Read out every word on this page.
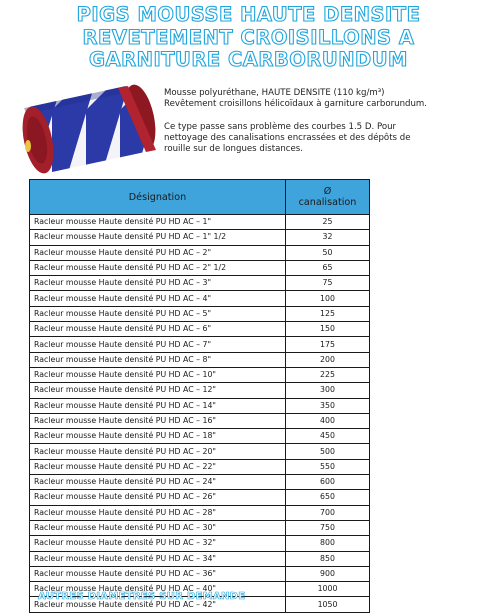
PIGS MOUSSE HAUTE DENSITE
REVETEMENT CROISILLONS A
GARNITURE CARBORUNDUM

Mousse polyuréthane, HAUTE DENSITE (110 kg/m³)
Revêtement croisillons hélicoïdaux à garniture carborundum.

Ce type passe sans problème des courbes 1.5 D. Pour
nettoyage des canalisations encrassées et des dépôts de
rouille sur de longues distances.

Désignation	Ø
canalisation
Racleur mousse Haute densité PU HD AC – 1"	25
Racleur mousse Haute densité PU HD AC – 1" 1/2	32
Racleur mousse Haute densité PU HD AC – 2"	50
Racleur mousse Haute densité PU HD AC – 2" 1/2	65
Racleur mousse Haute densité PU HD AC – 3"	75
Racleur mousse Haute densité PU HD AC – 4"	100
Racleur mousse Haute densité PU HD AC – 5"	125
Racleur mousse Haute densité PU HD AC – 6"	150
Racleur mousse Haute densité PU HD AC – 7"	175
Racleur mousse Haute densité PU HD AC – 8"	200
Racleur mousse Haute densité PU HD AC – 10"	225
Racleur mousse Haute densité PU HD AC – 12"	300
Racleur mousse Haute densité PU HD AC – 14"	350
Racleur mousse Haute densité PU HD AC – 16"	400
Racleur mousse Haute densité PU HD AC – 18"	450
Racleur mousse Haute densité PU HD AC – 20"	500
Racleur mousse Haute densité PU HD AC – 22"	550
Racleur mousse Haute densité PU HD AC – 24"	600
Racleur mousse Haute densité PU HD AC – 26"	650
Racleur mousse Haute densité PU HD AC – 28"	700
Racleur mousse Haute densité PU HD AC – 30"	750
Racleur mousse Haute densité PU HD AC – 32"	800
Racleur mousse Haute densité PU HD AC – 34"	850
Racleur mousse Haute densité PU HD AC – 36"	900
Racleur mousse Haute densité PU HD AC – 40"	1000
Racleur mousse Haute densité PU HD AC – 42"	1050
AUTRES DIAMETRES SUR DEMANDE
